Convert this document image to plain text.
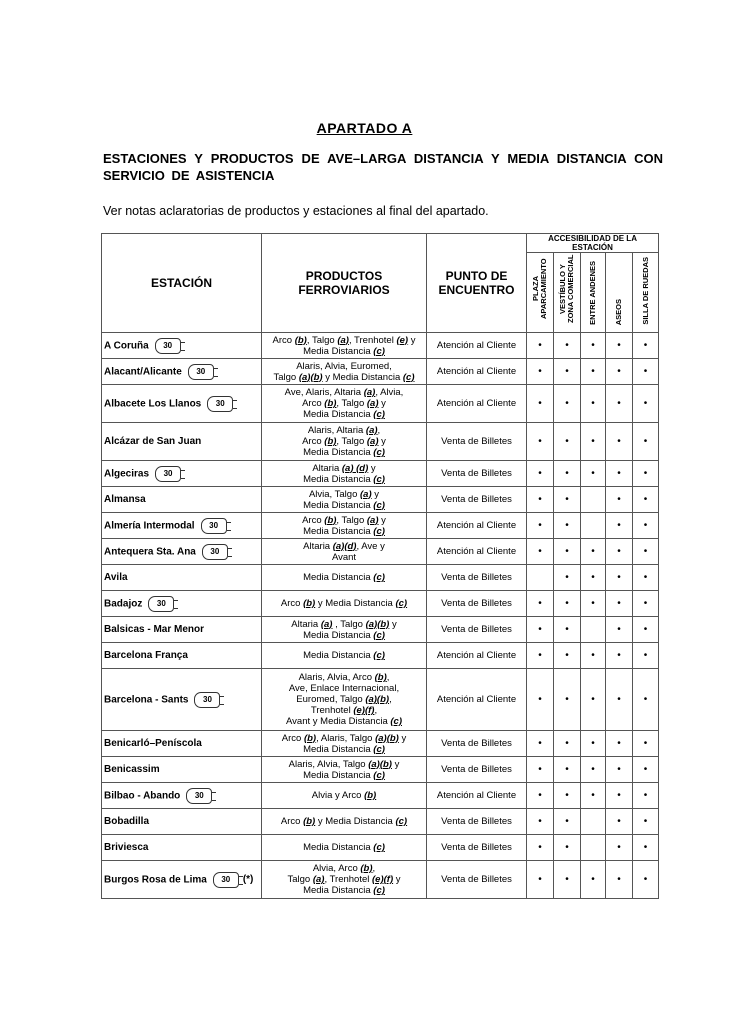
APARTADO A
ESTACIONES Y PRODUCTOS DE AVE–LARGA DISTANCIA Y MEDIA DISTANCIA CON SERVICIO DE ASISTENCIA
Ver notas aclaratorias de productos y estaciones al final del apartado.
ESTACIÓN	PRODUCTOS FERROVIARIOS	PUNTO DE ENCUENTRO	ACCESIBILIDAD DE LA ESTACIÓN				
			PLAZA APARCAMIENTO	VESTÍBULO Y ZONA COMERCIAL	ENTRE ANDENES	ASEOS	SILLA DE RUEDAS
A Coruña 30	Arco (b), Talgo (a), Trenhotel (e) y
Media Distancia (c)	Atención al Cliente	•	•	•	•	•
Alacant/Alicante 30	Alaris, Alvia, Euromed,
Talgo (a)(b) y Media Distancia (c)	Atención al Cliente	•	•	•	•	•
Albacete Los Llanos 30	Ave, Alaris, Altaria (a), Alvia,
Arco (b), Talgo (a) y
Media Distancia (c)	Atención al Cliente	•	•	•	•	•
Alcázar de San Juan	Alaris, Altaria (a),
Arco (b), Talgo (a) y
Media Distancia (c)	Venta de Billetes	•	•	•	•	•
Algeciras 30	Altaria (a) (d) y
Media Distancia (c)	Venta de Billetes	•	•	•	•	•
Almansa	Alvia, Talgo (a) y
Media Distancia (c)	Venta de Billetes	•	•		•	•
Almería Intermodal 30	Arco (b), Talgo (a) y
Media Distancia (c)	Atención al Cliente	•	•		•	•
Antequera Sta. Ana 30	Altaria (a)(d), Ave y
Avant	Atención al Cliente	•	•	•	•	•
Avila	Media Distancia (c)	Venta de Billetes		•	•	•	•
Badajoz 30	Arco (b) y Media Distancia (c)	Venta de Billetes	•	•	•	•	•
Balsicas - Mar Menor	Altaria (a) , Talgo (a)(b) y
Media Distancia (c)	Venta de Billetes	•	•		•	•
Barcelona França	Media Distancia (c)	Atención al Cliente	•	•	•	•	•
Barcelona - Sants 30	Alaris, Alvia, Arco (b),
Ave, Enlace Internacional,
Euromed, Talgo (a)(b),
Trenhotel (e)(f),
Avant y Media Distancia (c)	Atención al Cliente	•	•	•	•	•
Benicarló–Peníscola	Arco (b), Alaris, Talgo (a)(b) y
Media Distancia (c)	Venta de Billetes	•	•	•	•	•
Benicassim	Alaris, Alvia, Talgo (a)(b) y
Media Distancia (c)	Venta de Billetes	•	•	•	•	•
Bilbao - Abando 30	Alvia y Arco (b)	Atención al Cliente	•	•	•	•	•
Bobadilla	Arco (b) y Media Distancia (c)	Venta de Billetes	•	•		•	•
Briviesca	Media Distancia (c)	Venta de Billetes	•	•		•	•
Burgos Rosa de Lima 30 (*)	Alvia, Arco (b),
Talgo (a), Trenhotel (e)(f) y
Media Distancia (c)	Venta de Billetes	•	•	•	•	•
